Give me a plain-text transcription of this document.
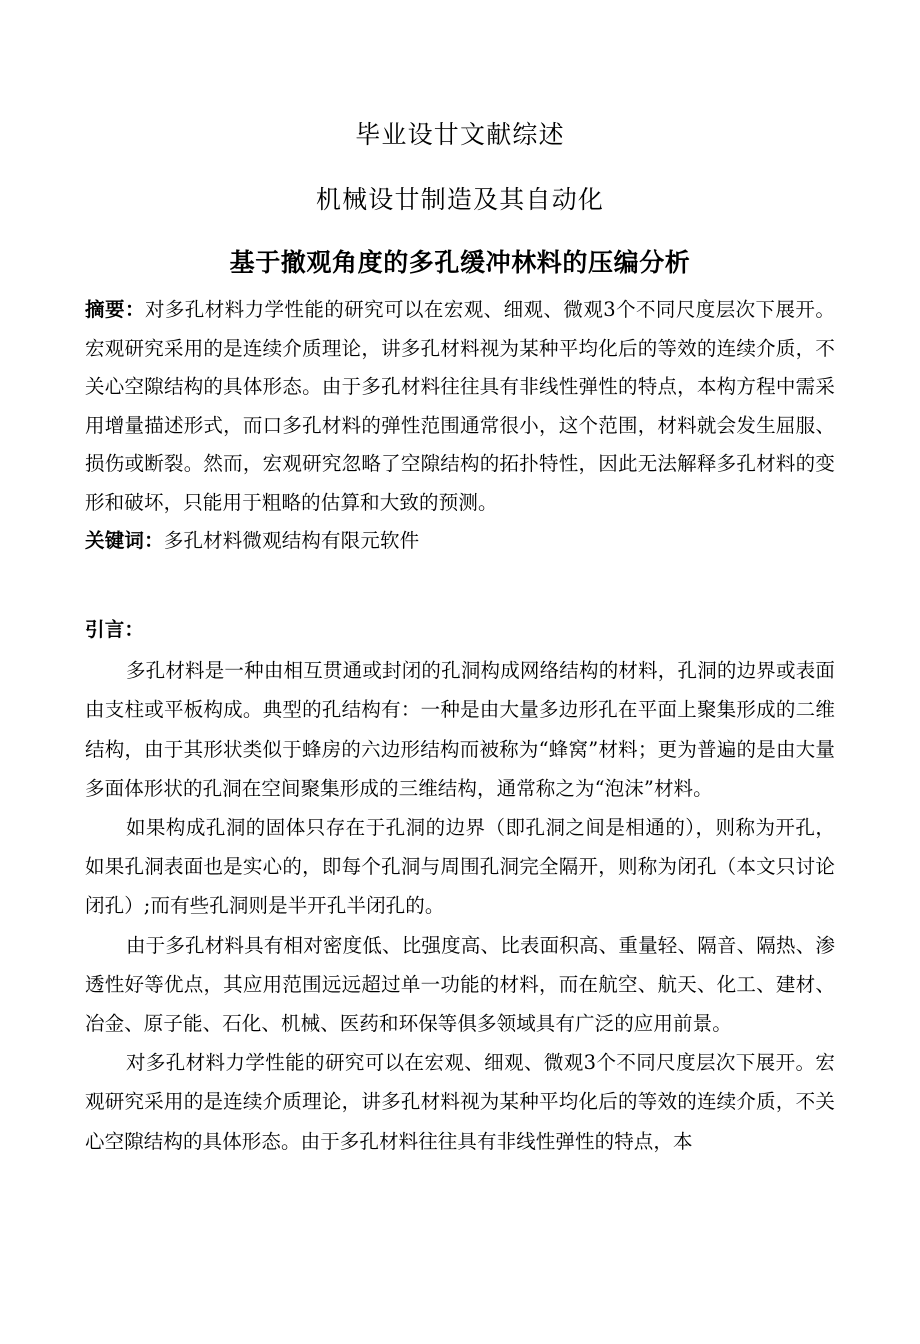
毕业设廿文献综述
机械设廿制造及其自动化
基于撤观角度的多孔缓冲林料的压编分析

摘要：对多孔材料力学性能的研究可以在宏观、细观、微观3个不同尺度层次下展开。宏观研究采用的是连续介质理论，讲多孔材料视为某种平均化后的等效的连续介质，不关心空隙结构的具体形态。由于多孔材料往往具有非线性弹性的特点，本构方程中需采用增量描述形式，而口多孔材料的弹性范围通常很小，这个范围，材料就会发生屈服、损伤或断裂。然而，宏观研究忽略了空隙结构的拓扑特性，因此无法解释多孔材料的变形和破坏，只能用于粗略的估算和大致的预测。

关键词：多孔材料微观结构有限元软件

引言：

多孔材料是一种由相互贯通或封闭的孔洞构成网络结构的材料，孔洞的边界或表面由支柱或平板构成。典型的孔结构有：一种是由大量多边形孔在平面上聚集形成的二维结构，由于其形状类似于蜂房的六边形结构而被称为“蜂窝”材料；更为普遍的是由大量多面体形状的孔洞在空间聚集形成的三维结构，通常称之为“泡沫”材料。

如果构成孔洞的固体只存在于孔洞的边界（即孔洞之间是相通的），则称为开孔，如果孔洞表面也是实心的，即每个孔洞与周围孔洞完全隔开，则称为闭孔（本文只讨论闭孔）;而有些孔洞则是半开孔半闭孔的。

由于多孔材料具有相对密度低、比强度高、比表面积高、重量轻、隔音、隔热、渗透性好等优点，其应用范围远远超过单一功能的材料，而在航空、航天、化工、建材、冶金、原子能、石化、机械、医药和环保等俱多领域具有广泛的应用前景。

对多孔材料力学性能的研究可以在宏观、细观、微观3个不同尺度层次下展开。宏观研究采用的是连续介质理论，讲多孔材料视为某种平均化后的等效的连续介质，不关心空隙结构的具体形态。由于多孔材料往往具有非线性弹性的特点，本
